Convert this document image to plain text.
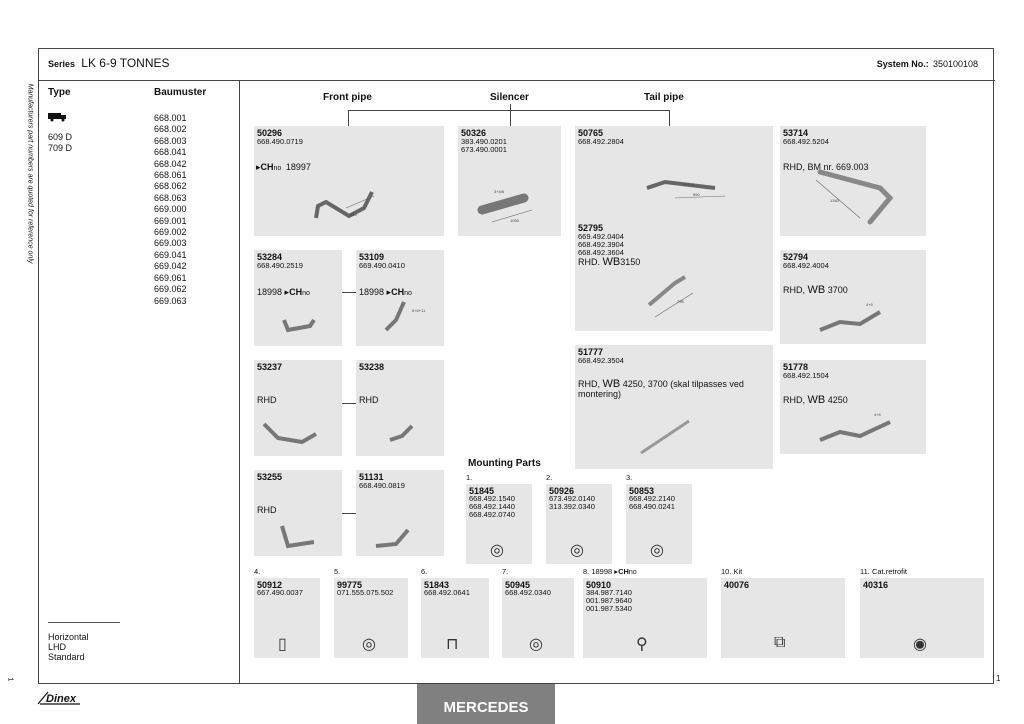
Manufacturers part numbers are quoted for reference only
1
Series LK 6-9 TONNES	System No.: 350100108
Type	Baumuster
609 D
709 D
668.001
668.002
668.003
668.041
668.042
668.061
668.062
668.063
669.000
669.001
669.002
669.003
669.041
669.042
669.061
669.062
669.063
Horizontal
LHD
Standard
Front pipe	Silencer	Tail pipe
50296
668.490.0719
▸CHno 18997
550
50326
383.490.0201
673.490.0001
3+4/6
1050
50765
668.492.2804
4+5+6
590
53714
668.492.5204
RHD, BM nr. 669.003
1340
52795
669.492.0404
668.492.3904
668.492.3604
RHD. WB3150
795
53284
668.490.2519
18998 ▸CHno
53109
669.490.0410
18998 ▸CHno
5+6+11
52794
668.492.4004
RHD, WB 3700
4+5
51777
668.492.3504
RHD, WB 4250, 3700 (skal tilpasses ved montering)
53237
RHD
53238
RHD
51778
668.492.1504
RHD, WB 4250
4+5
53255
RHD
51131
668.490.0819
Mounting Parts
1
Dinex	MERCEDES
1.
51845
668.492.1540
668.492.1440
668.492.0740
◎
2.
50926
673.492.0140
313.392.0340
◎
3.
50853
668.492.2140
668.490.0241
◎
4.
50912
667.490.0037
▯
5.
99775
071.555.075.502
◎
6.
51843
668.492.0641
⊓
7.
50945
668.492.0340
◎
8. 18998 ▸CHno
50910
384.987.7140
001.987.9640
001.987.5340
⚲
10. Kit
40076
⧉
11. Cat.retrofit
40316
◉
